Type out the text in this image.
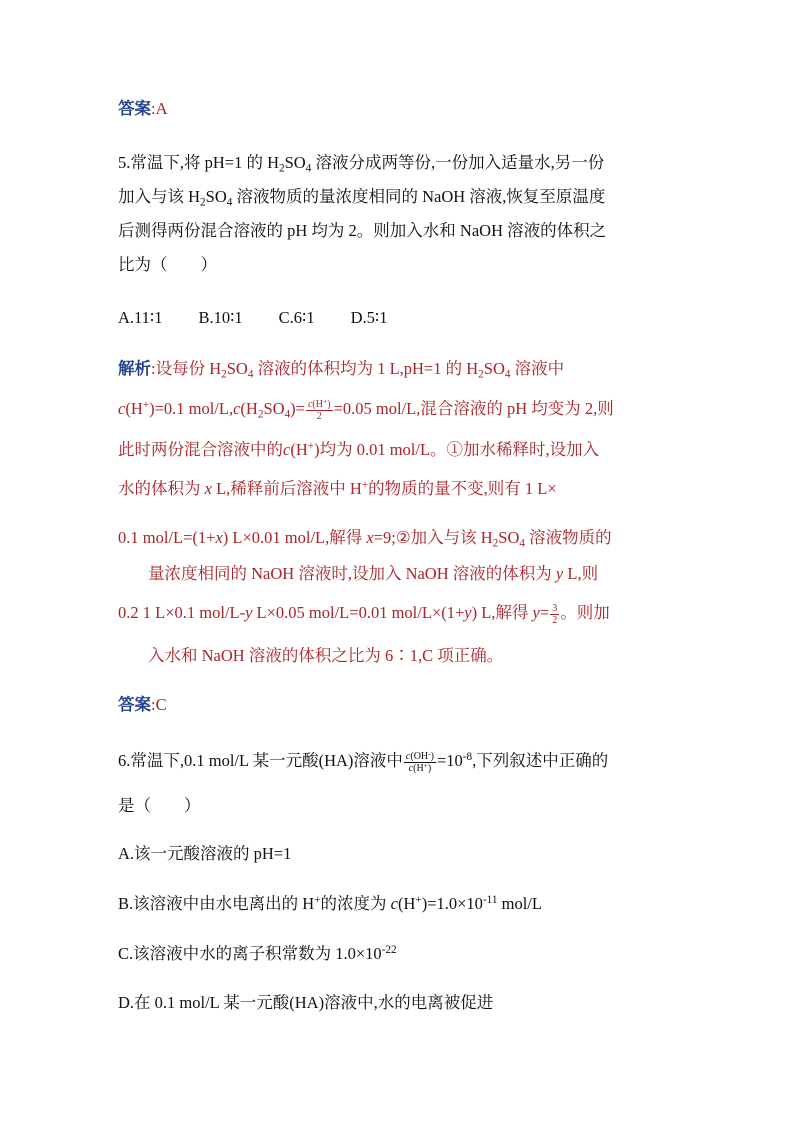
答案:A
5.常温下,将 pH=1 的 $H_2SO_4$ 溶液分成两等份,一份加入适量水,另一份
加入与该 $H_2SO_4$ 溶液物质的量浓度相同的 NaOH 溶液,恢复至原温度
后测得两份混合溶液的 pH 均为 2。则加入水和 NaOH 溶液的体积之
比为（　　）
A.11∶1 B.10∶1 C.6∶1 D.5∶1
解析:设每份 $H_2SO_4$ 溶液的体积均为 1 L,pH=1 的 $H_2SO_4$ 溶液中
c(H+)=0.1 mol/$L,c(H_2SO_4)= \frac{c(H^+)}{2} =0.05$ mol/L,混合溶液的 pH 均变为 2,则
此时两份混合溶液中的c(H+)均为 0.01 mol/L。①加水稀释时,设加入
水的体积为 x L,稀释前后溶液中 H+的物质的量不变,则有 1 L×
0.1 mol/L=(1+x) L×0.01 mol/L,解得 x=9;②加入与该 $H_2SO_4$ 溶液物质的
量浓度相同的 NaOH 溶液时,设加入 NaOH 溶液的体积为 y L,则
0.2 1 L×0.1 mol/L-y L×0.05 mol/L=0.01 mol/L×(1+y) L,解得 $y= \frac{3}{2}$ 。则加
入水和 NaOH 溶液的体积之比为 6∶1,C 项正确。
答案:C
6.常温下,0.1 mol/L 某一元酸(HA)溶液中 $\frac{c(OH^-)}{c(H^+)} =10^{-8}$,下列叙述中正确的
是（　　）
A.该一元酸溶液的 pH=1
B.该溶液中由水电离出的 H+的浓度为 $c(H^+)=1.0\times 10^{-11}$ mol/L
C.该溶液中水的离子积常数为 $1.0\times 10^{-22}$
D.在 0.1 mol/L 某一元酸(HA)溶液中,水的电离被促进
